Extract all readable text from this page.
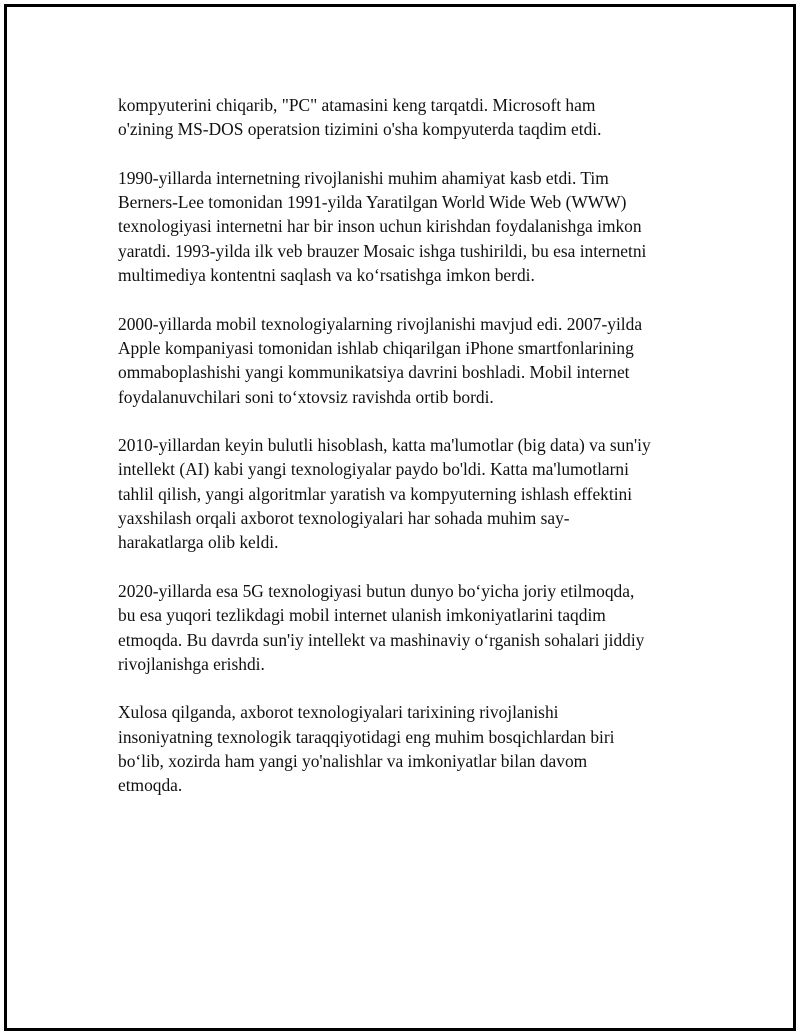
kompyuterini chiqarib, "PC" atamasini keng tarqatdi. Microsoft ham
o'zining MS-DOS operatsion tizimini o'sha kompyuterda taqdim etdi.

1990-yillarda internetning rivojlanishi muhim ahamiyat kasb etdi. Tim
Berners-Lee tomonidan 1991-yilda Yaratilgan World Wide Web (WWW)
texnologiyasi internetni har bir inson uchun kirishdan foydalanishga imkon
yaratdi. 1993-yilda ilk veb brauzer Mosaic ishga tushirildi, bu esa internetni
multimediya kontentni saqlash va ko‘rsatishga imkon berdi.

2000-yillarda mobil texnologiyalarning rivojlanishi mavjud edi. 2007-yilda
Apple kompaniyasi tomonidan ishlab chiqarilgan iPhone smartfonlarining
ommaboplashishi yangi kommunikatsiya davrini boshladi. Mobil internet
foydalanuvchilari soni to‘xtovsiz ravishda ortib bordi.

2010-yillardan keyin bulutli hisoblash, katta ma'lumotlar (big data) va sun'iy
intellekt (AI) kabi yangi texnologiyalar paydo bo'ldi. Katta ma'lumotlarni
tahlil qilish, yangi algoritmlar yaratish va kompyuterning ishlash effektini
yaxshilash orqali axborot texnologiyalari har sohada muhim say-
harakatlarga olib keldi.

2020-yillarda esa 5G texnologiyasi butun dunyo bo‘yicha joriy etilmoqda,
bu esa yuqori tezlikdagi mobil internet ulanish imkoniyatlarini taqdim
etmoqda. Bu davrda sun'iy intellekt va mashinaviy o‘rganish sohalari jiddiy
rivojlanishga erishdi.

Xulosa qilganda, axborot texnologiyalari tarixining rivojlanishi
insoniyatning texnologik taraqqiyotidagi eng muhim bosqichlardan biri
bo‘lib, xozirda ham yangi yo'nalishlar va imkoniyatlar bilan davom
etmoqda.
